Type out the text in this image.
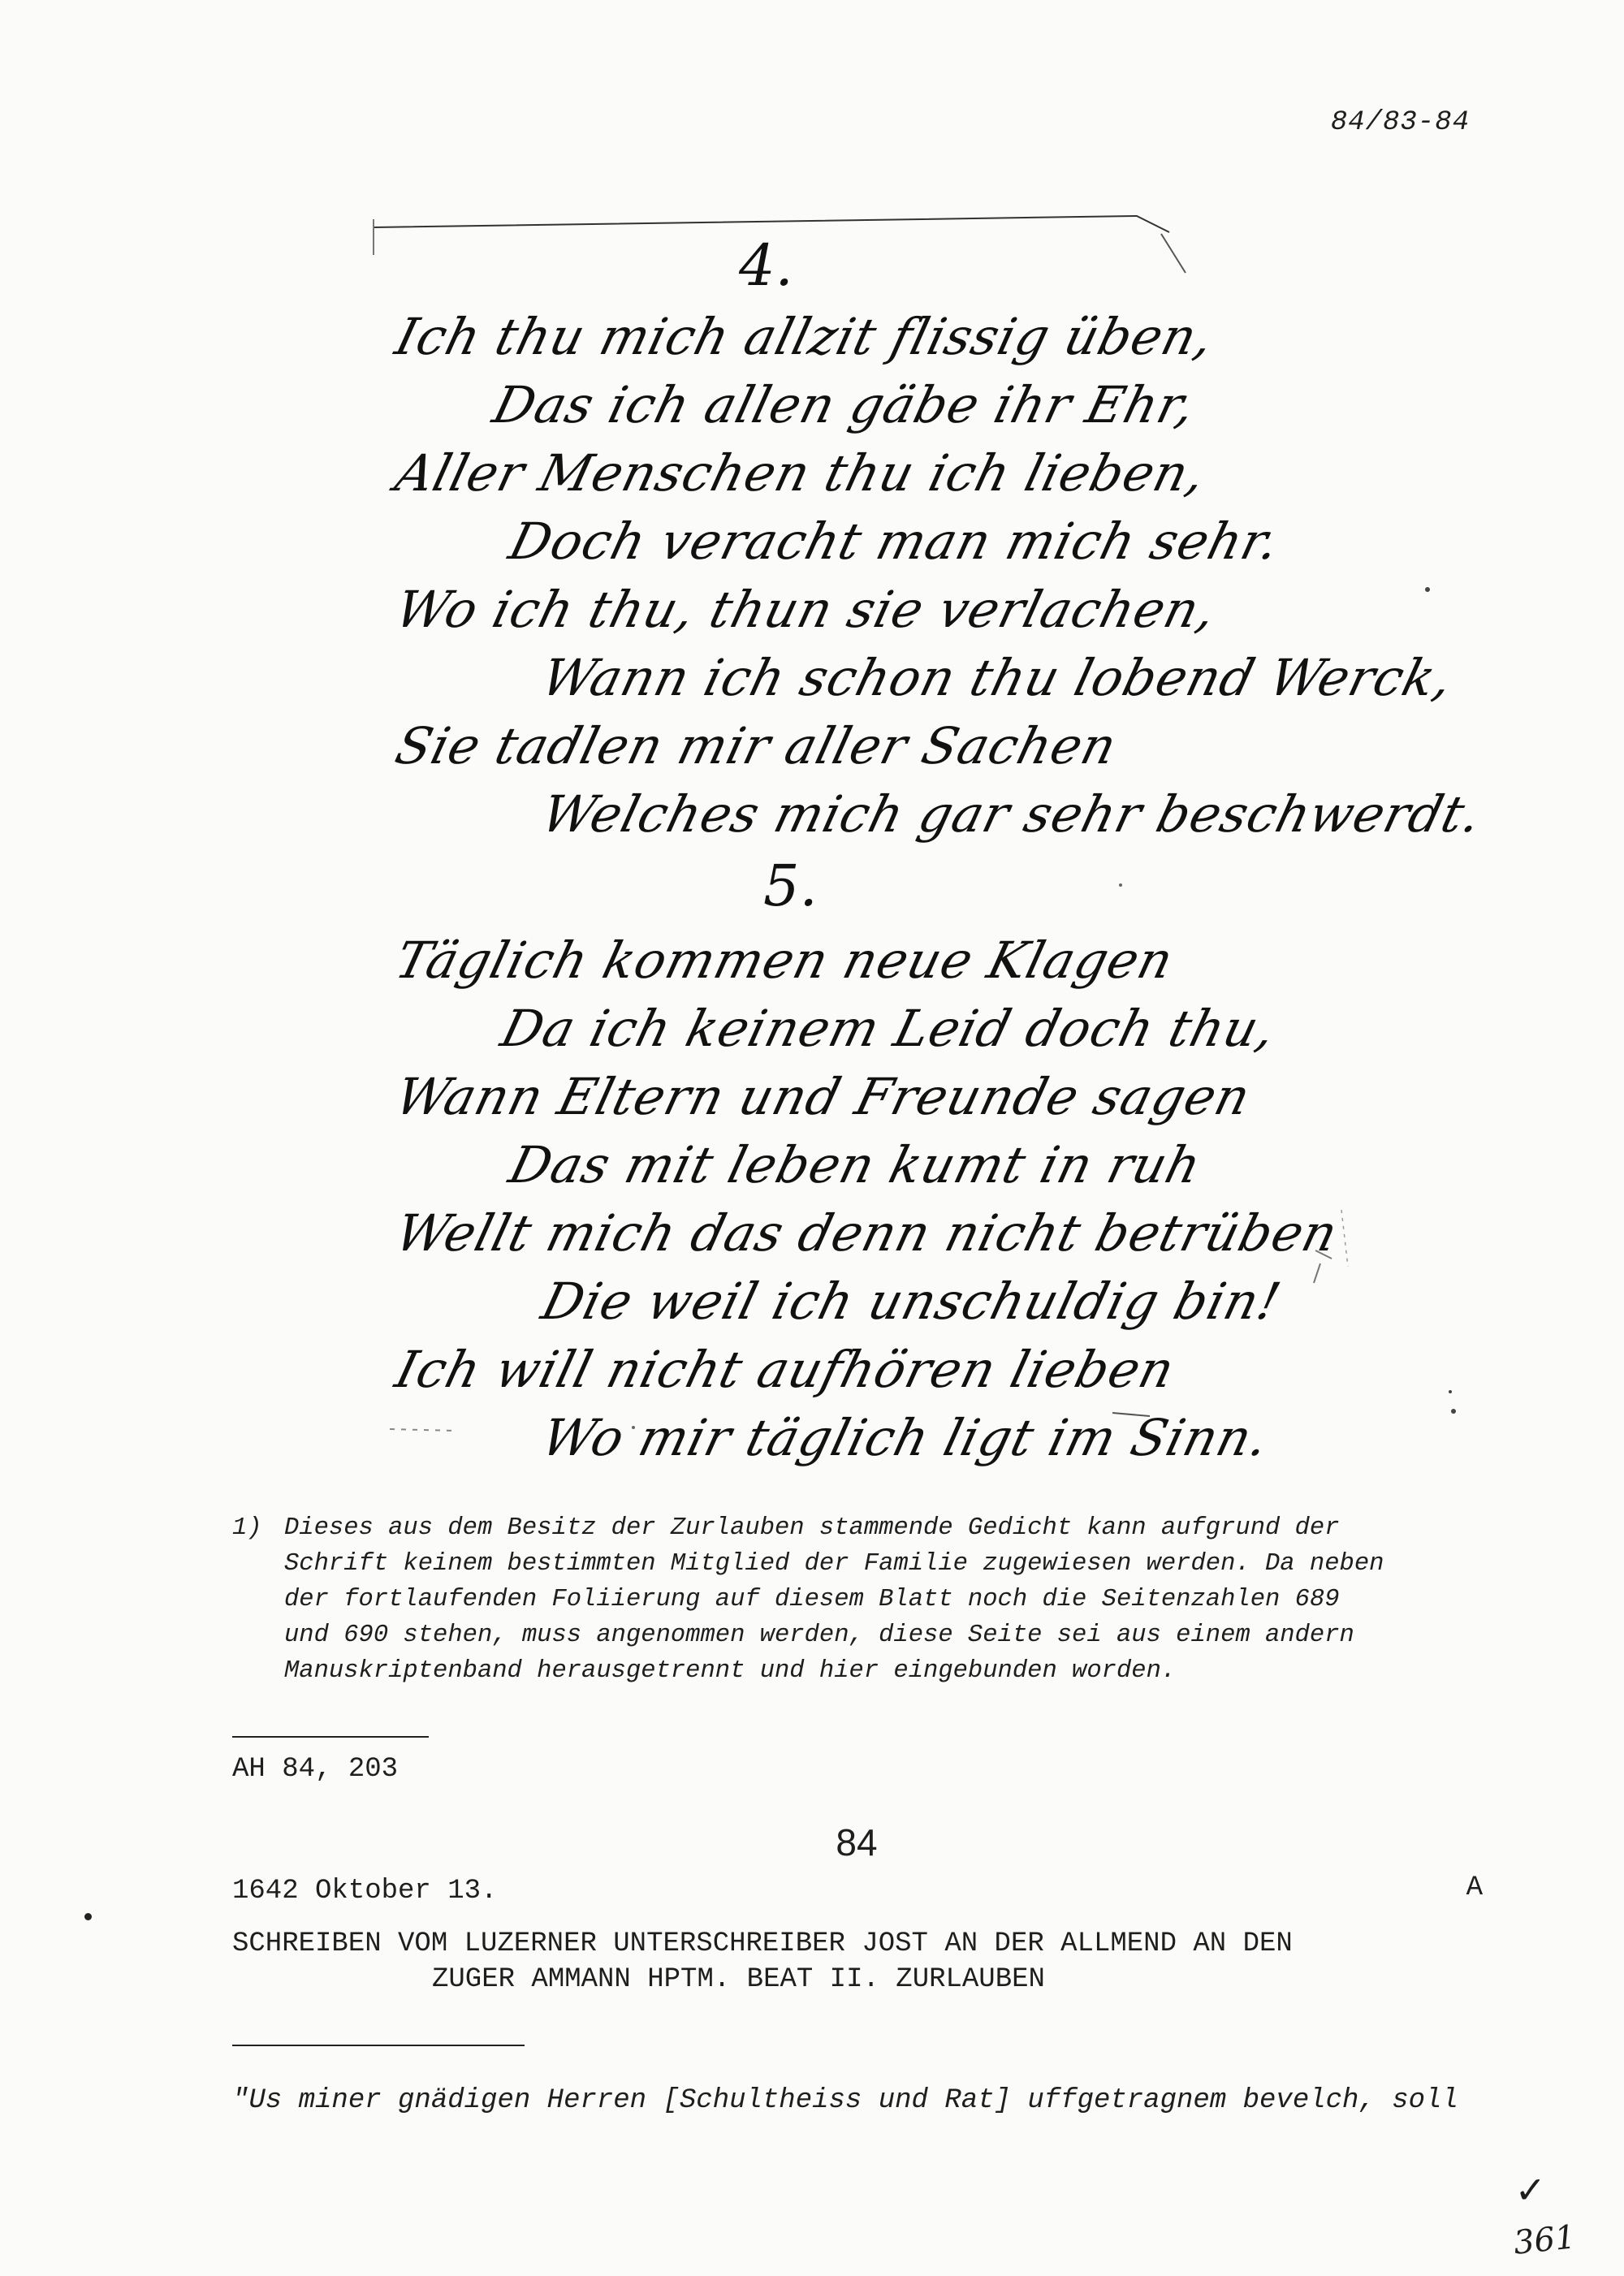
84/83-84
4.
Ich thu mich allzit flissig üben,
Das ich allen gäbe ihr Ehr,
Aller Menschen thu ich lieben,
Doch veracht man mich sehr.
Wo ich thu, thun sie verlachen,
Wann ich schon thu lobend Werck,
Sie tadlen mir aller Sachen
Welches mich gar sehr beschwerdt.
5.
Täglich kommen neue Klagen
Da ich keinem Leid doch thu,
Wann Eltern und Freunde sagen
Das mit leben kumt in ruh
Wellt mich das denn nicht betrüben
Die weil ich unschuldig bin!
Ich will nicht aufhören lieben
Wo mir täglich ligt im Sinn.
1) Dieses aus dem Besitz der Zurlauben stammende Gedicht kann aufgrund der
Schrift keinem bestimmten Mitglied der Familie zugewiesen werden. Da neben
der fortlaufenden Foliierung auf diesem Blatt noch die Seitenzahlen 689
und 690 stehen, muss angenommen werden, diese Seite sei aus einem andern
Manuskriptenband herausgetrennt und hier eingebunden worden.
AH 84, 203
84
1642 Oktober 13.	A
SCHREIBEN VOM LUZERNER UNTERSCHREIBER JOST AN DER ALLMEND AN DEN
ZUGER AMMANN HPTM. BEAT II. ZURLAUBEN
"Us miner gnädigen Herren [Schultheiss und Rat] uffgetragnem bevelch, soll
✓
361
